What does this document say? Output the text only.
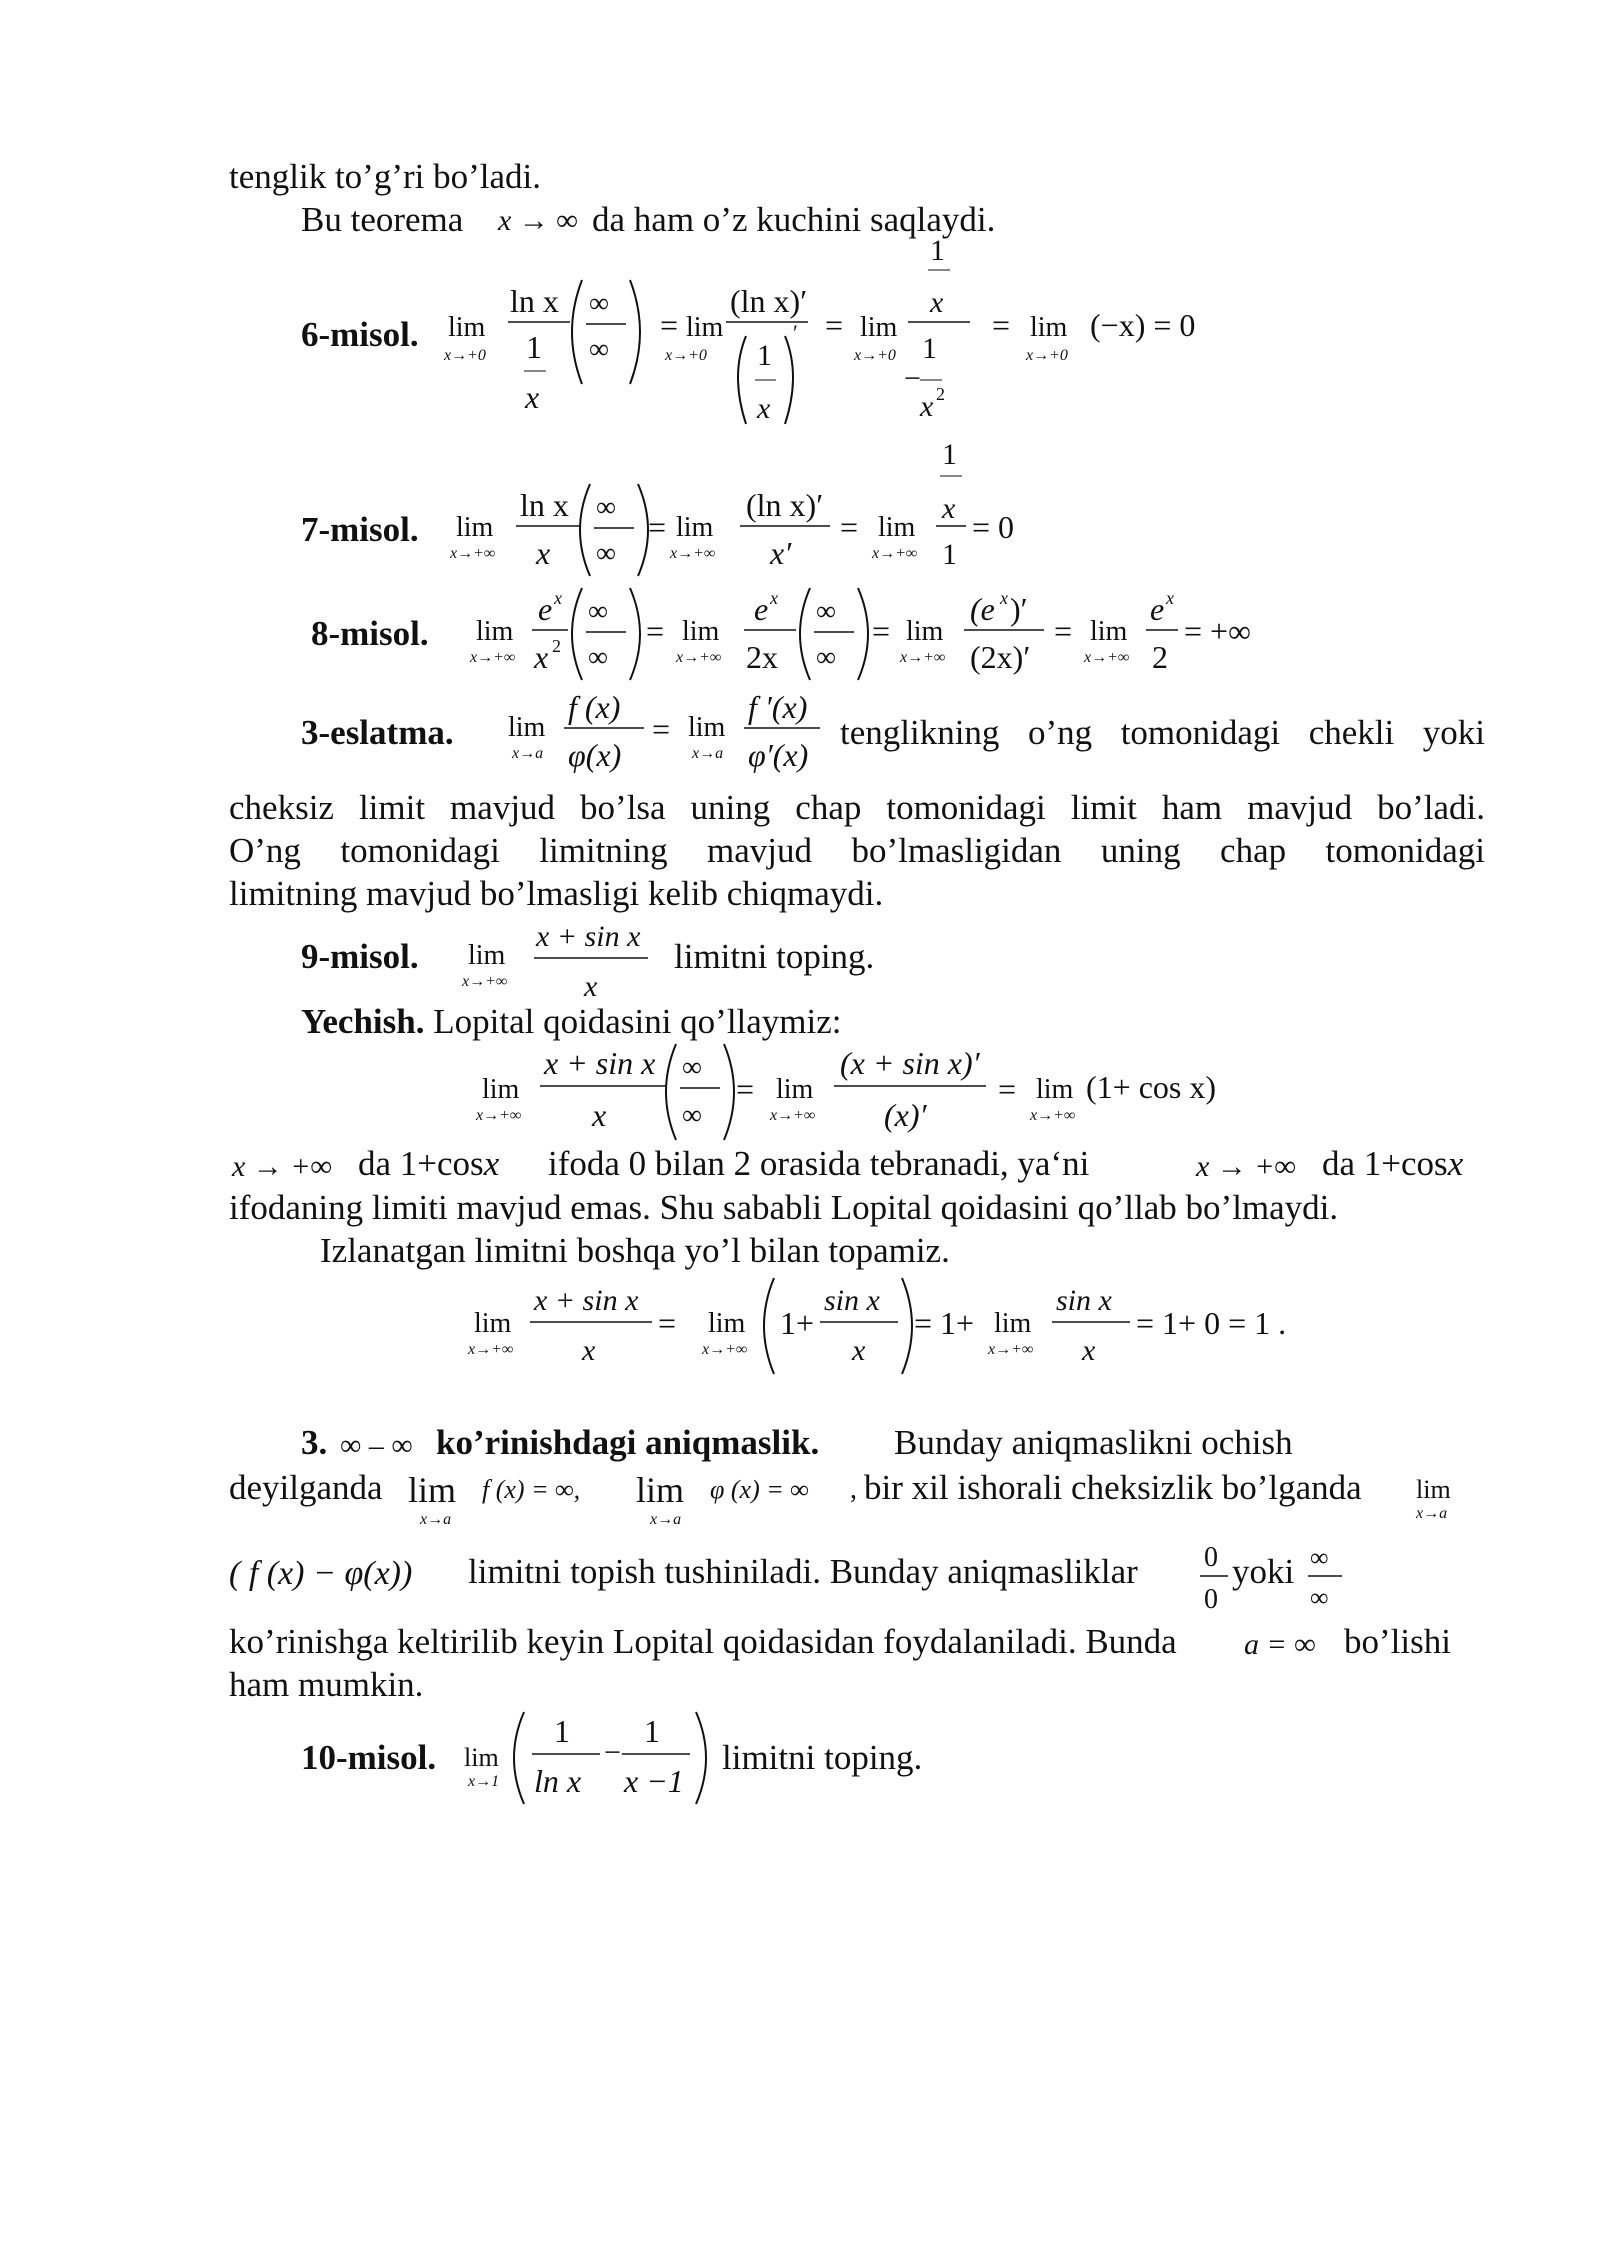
tenglik to’g’ri bo’ladi.
Bu teorema x → ∞ da ham o’z kuchini saqlaydi.
6-misol. lim
x→+0
ln x
1
x
∞
∞
= lim
x→+0
(ln x)′
1
x
′ = lim
x→+0
1
x
1
−
x 2
= lim
x→+0
(−x) = 0
7-misol. lim
x→+∞
ln x
x
∞
∞
= lim
x→+∞
(ln x)′
x′
= lim
x→+∞
1
x
1
= 0
8-misol. lim
x→+∞
e x
x 2
∞
∞
= lim
x→+∞
e x
2x
∞
∞
= lim
x→+∞
(e x )′
(2x)′
= lim
x→+∞
e x
2
= +∞
3-eslatma. lim
x→a
f (x)
φ(x)
= lim
x→a
f ′(x)
φ′(x)
tenglikning o’ng tomonidagi chekli yoki
cheksiz limit mavjud bo’lsa uning chap tomonidagi limit ham mavjud bo’ladi.
O’ng tomonidagi limitning mavjud bo’lmasligidan uning chap tomonidagi
limitning mavjud bo’lmasligi kelib chiqmaydi.
9-misol. lim
x→+∞
x + sin x
x
limitni toping.
Yechish. Lopital qoidasini qo’llaymiz:
lim
x→+∞
x + sin x
x
∞
∞
= lim
x→+∞
(x + sin x)′
(x)′
= lim
x→+∞
(1+ cos x)
x → +∞ da 1+cosx ifoda 0 bilan 2 orasida tebranadi, ya‘ni	x → +∞ da 1+cosx
ifodaning limiti mavjud emas. Shu sababli Lopital qoidasini qo’llab bo’lmaydi.
Izlanatgan limitni boshqa yo’l bilan topamiz.
lim
x→+∞
x + sin x
x
= lim
x→+∞
1+
sin x
x
= 1+ lim
x→+∞
sin x
x
= 1+ 0 = 1 .
3. ∞ – ∞ ko’rinishdagi aniqmaslik. Bunday aniqmaslikni ochish
deyilganda lim
x→a
f (x) = ∞, lim
x→a
φ (x) = ∞ , bir xil ishorali cheksizlik bo’lganda lim
x→a
( f (x) − φ(x)) limitni topish tushiniladi. Bunday aniqmasliklar 0
0
yoki ∞
∞
ko’rinishga keltirilib keyin Lopital qoidasidan foydalaniladi. Bunda a = ∞ bo’lishi
ham mumkin.
10-misol. lim
x→1
1
ln x
−
1
x −1
limitni toping.
